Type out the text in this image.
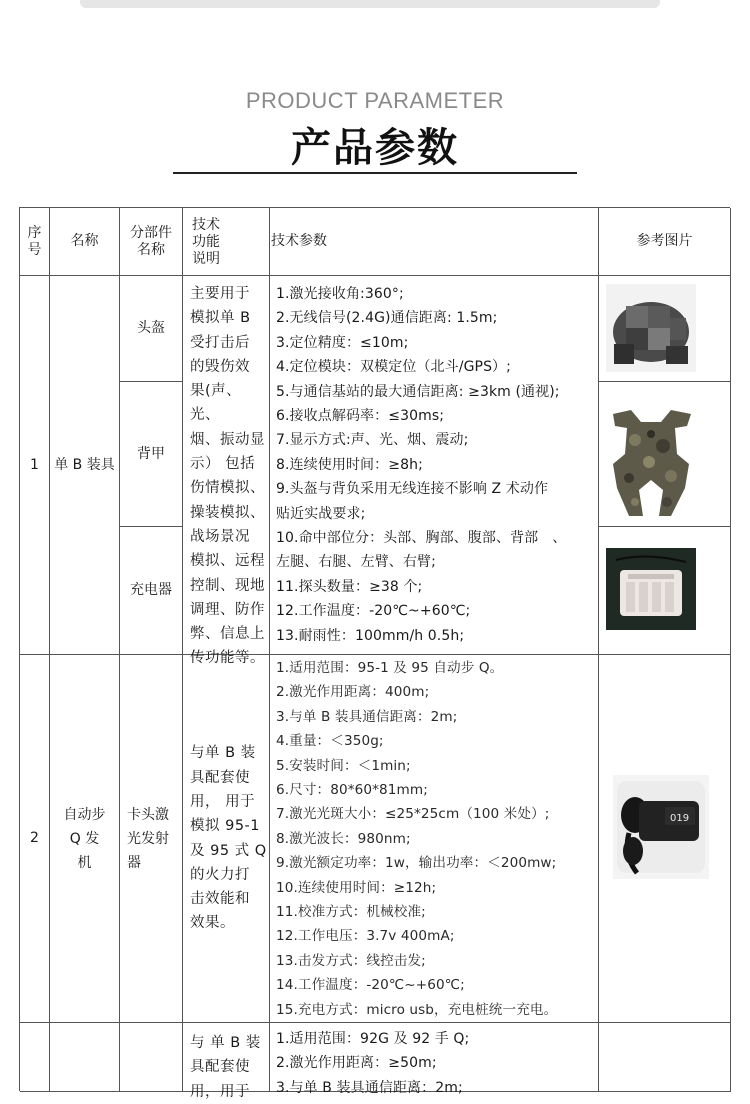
PRODUCT PARAMETER
产品参数
序
号
名称
分部件
名称
技术
功能
说明
技术参数	参考图片
1 单 B 装具
头盔
背甲
充电器
主要用于
模拟单 B
受打击后
的毁伤效
果(声、光、
烟、振动显
示） 包括
伤情模拟、
操装模拟、
战场景况
模拟、远程
控制、现地
调理、防作
弊、信息上
传功能等。
1.激光接收角:360°;
2.无线信号(2.4G)通信距离: 1.5m;
3.定位精度：≤10m;
4.定位模块：双模定位（北斗/GPS）;
5.与通信基站的最大通信距离: ≥3km (通视);
6.接收点解码率：≤30ms;
7.显示方式:声、光、烟、震动;
8.连续使用时间：≥8h;
9.头盔与背负采用无线连接不影响 Z 术动作
贴近实战要求;
10.命中部位分：头部、胸部、腹部、背部　、
左腿、右腿、左臂、右臂;
11.探头数量：≥38 个;
12.工作温度：-20℃~+60℃;
13.耐雨性：100mm/h 0.5h;
2
自动步
Q 发
机
卡头激
光发射
器
与单 B 装
具配套使
用， 用于
模拟 95-1
及 95 式 Q
的火力打
击效能和
效果。
1.适用范围：95-1 及 95 自动步 Q。
2.激光作用距离：400m;
3.与单 B 装具通信距离：2m;
4.重量：＜350g;
5.安装时间：＜1min;
6.尺寸：80*60*81mm;
7.激光光斑大小：≤25*25cm（100 米处）;
8.激光波长：980nm;
9.激光额定功率：1w，输出功率：＜200mw;
10.连续使用时间：≥12h;
11.校准方式：机械校准;
12.工作电压：3.7v 400mA;
13.击发方式：线控击发;
14.工作温度：-20℃~+60℃;
15.充电方式：micro usb，充电桩统一充电。
019
与 单 B 装
具配套使
用，用于
1.适用范围：92G 及 92 手 Q;
2.激光作用距离：≥50m;
3.与单 B 装具通信距离：2m;
